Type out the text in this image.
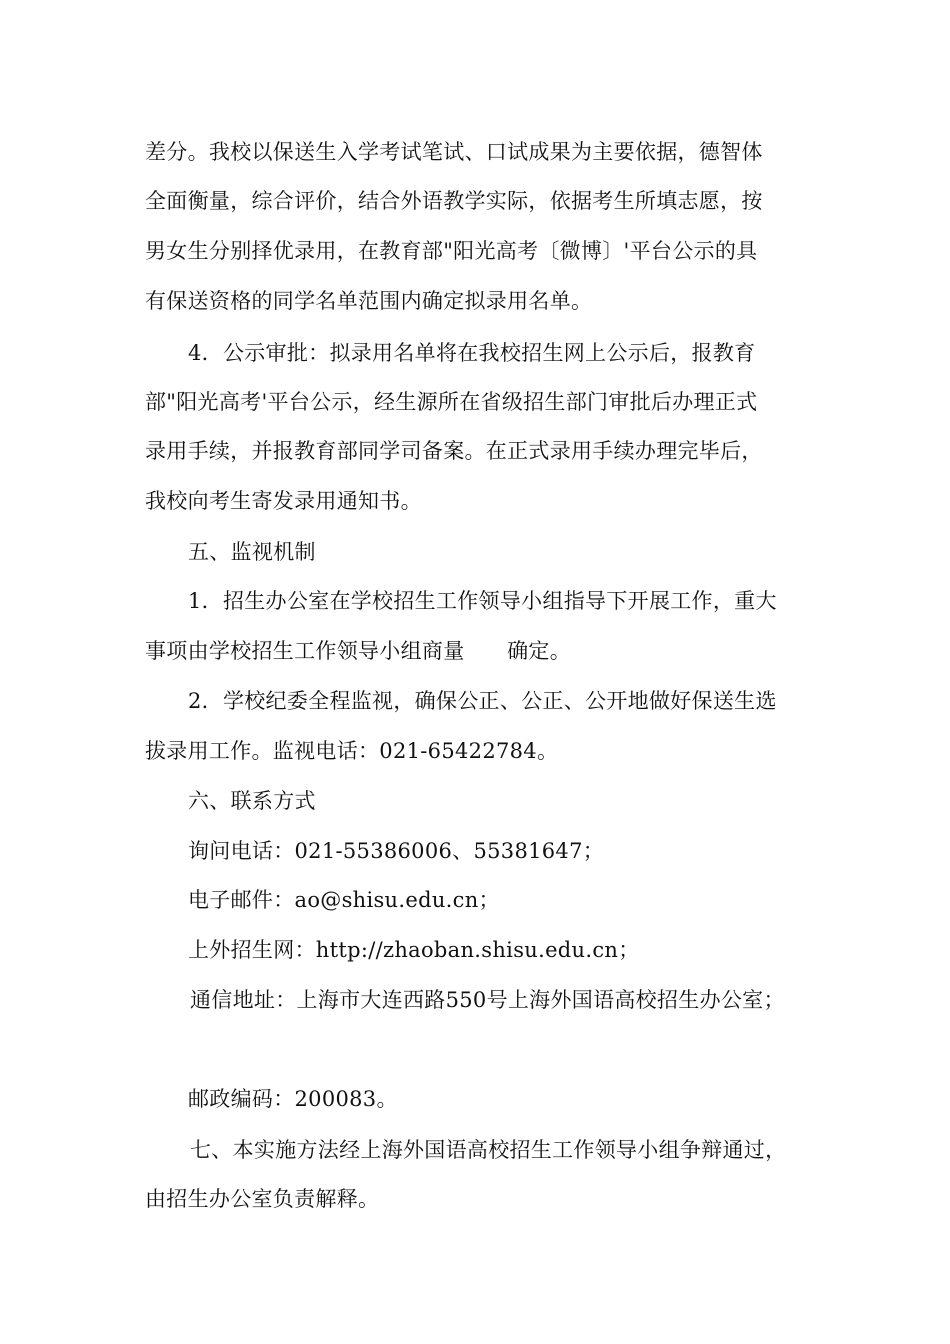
差分。我校以保送生入学考试笔试、口试成果为主要依据，德智体
全面衡量，综合评价，结合外语教学实际，依据考生所填志愿，按
男女生分别择优录用，在教育部"阳光高考〔微博〕'平台公示的具
有保送资格的同学名单范围内确定拟录用名单。
4．公示审批：拟录用名单将在我校招生网上公示后，报教育
部"阳光高考'平台公示，经生源所在省级招生部门审批后办理正式
录用手续，并报教育部同学司备案。在正式录用手续办理完毕后，
我校向考生寄发录用通知书。
五、监视机制
1．招生办公室在学校招生工作领导小组指导下开展工作，重大
事项由学校招生工作领导小组商量　　确定。
2．学校纪委全程监视，确保公正、公正、公开地做好保送生选
拔录用工作。监视电话：021-65422784。
六、联系方式
询问电话：021-55386006、55381647；
电子邮件：ao@shisu.edu.cn；
上外招生网：http://zhaoban.shisu.edu.cn；
通信地址：上海市大连西路550号上海外国语高校招生办公室；
邮政编码：200083。
七、本实施方法经上海外国语高校招生工作领导小组争辩通过，
由招生办公室负责解释。
